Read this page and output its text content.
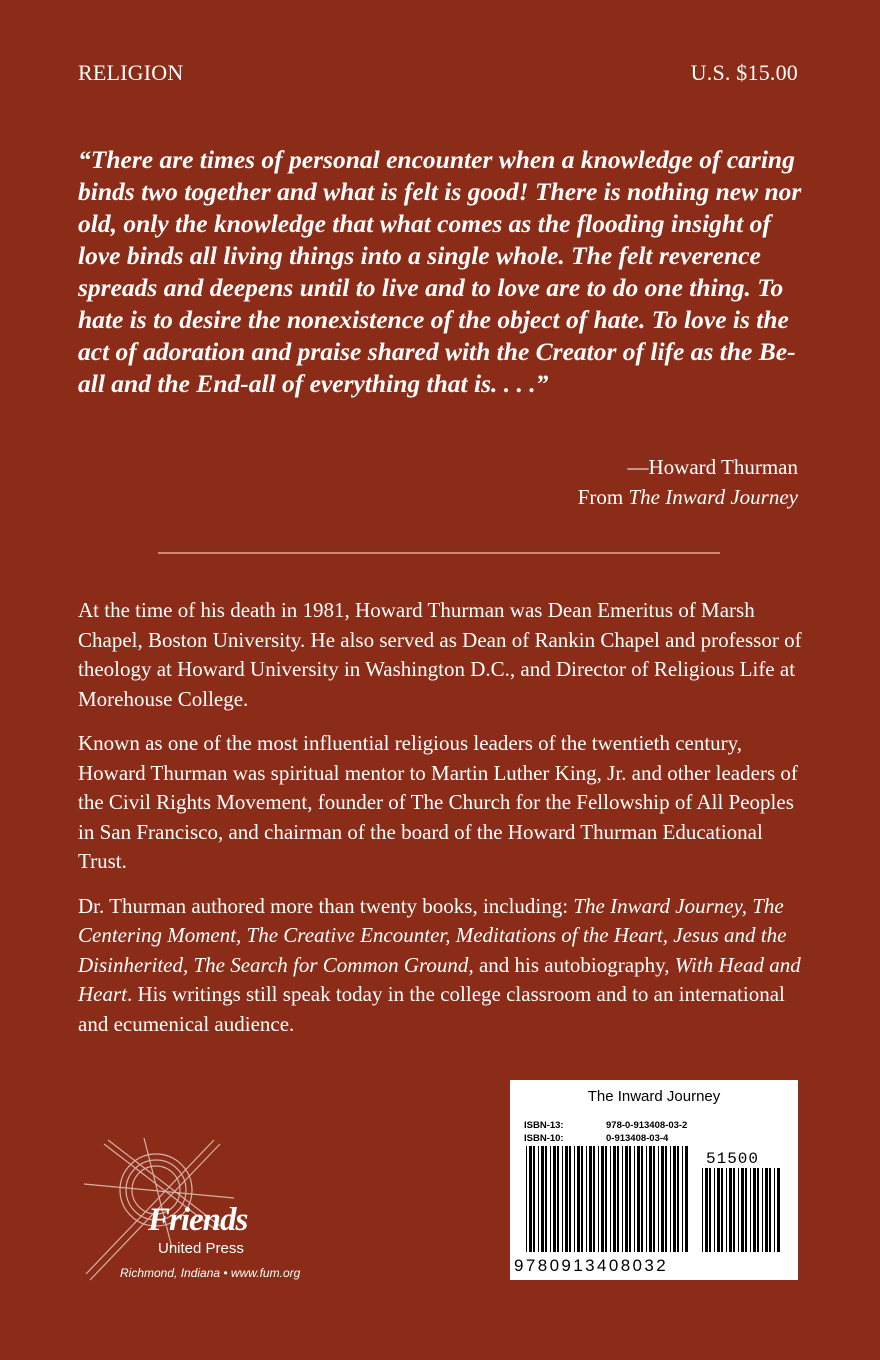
RELIGION	U.S. $15.00

“There are times of personal encounter when a knowledge of caring binds two together and what is felt is good! There is nothing new nor old, only the knowledge that what comes as the flooding insight of love binds all living things into a single whole. The felt reverence spreads and deepens until to live and to love are to do one thing. To hate is to desire the nonexistence of the object of hate. To love is the act of adoration and praise shared with the Creator of life as the Be-all and the End-all of everything that is. . . .”

—Howard Thurman
From The Inward Journey

At the time of his death in 1981, Howard Thurman was Dean Emeritus of Marsh Chapel, Boston University. He also served as Dean of Rankin Chapel and professor of theology at Howard University in Washington D.C., and Director of Religious Life at Morehouse College.

Known as one of the most influential religious leaders of the twentieth century, Howard Thurman was spiritual mentor to Martin Luther King, Jr. and other leaders of the Civil Rights Movement, founder of The Church for the Fellowship of All Peoples in San Francisco, and chairman of the board of the Howard Thurman Educational Trust.

Dr. Thurman authored more than twenty books, including: The Inward Journey, The Centering Moment, The Creative Encounter, Meditations of the Heart, Jesus and the Disinherited, The Search for Common Ground, and his autobiography, With Head and Heart. His writings still speak today in the college classroom and to an international and ecumenical audience.

Friends
United Press
Richmond, Indiana • www.fum.org
The Inward Journey
ISBN-13:	978-0-913408-03-2
ISBN-10:	0-913408-03-4
51500
9780913408032
